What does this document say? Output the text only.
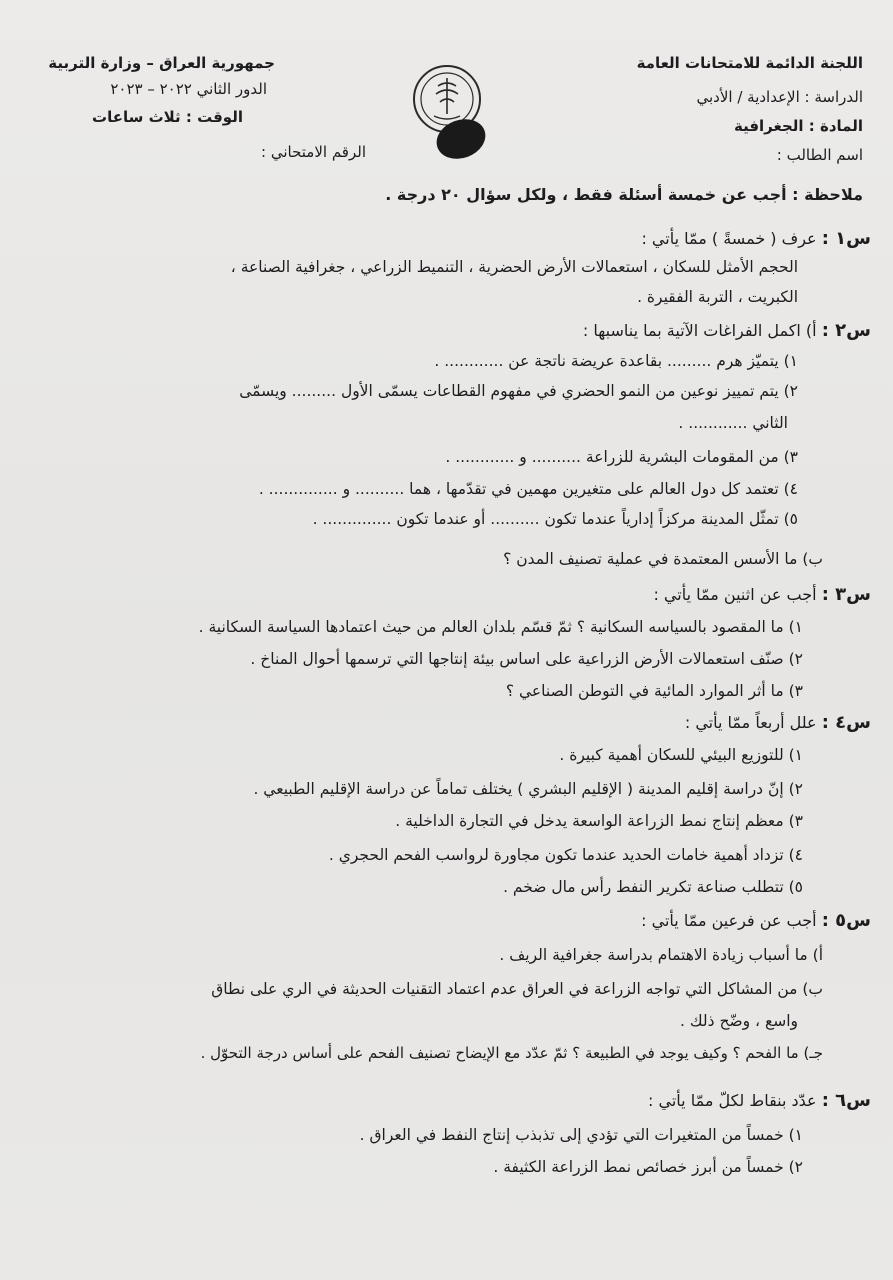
اللجنة الدائمة للامتحانات العامة
الدراسة : الإعدادية / الأدبي
المادة : الجغرافية
اسم الطالب :
جمهورية العراق – وزارة التربية
الدور الثاني ٢٠٢٢ – ٢٠٢٣
الوقت : ثلاث ساعات
الرقم الامتحاني :
ملاحظة : أجب عن خمسة أسئلة فقط ، ولكل سؤال ٢٠ درجة .
س١ : عرف ( خمسةً ) ممّا يأتي :
الحجم الأمثل للسكان ، استعمالات الأرض الحضرية ، التنميط الزراعي ، جغرافية الصناعة ،
الكبريت ، التربة الفقيرة .
س٢ : أ) اكمل الفراغات الآتية بما يناسبها :
١) يتميّز هرم ......... بقاعدة عريضة ناتجة عن ............ .
٢) يتم تمييز نوعين من النمو الحضري في مفهوم القطاعات يسمّى الأول ......... ويسمّى
الثاني ............ .
٣) من المقومات البشرية للزراعة .......... و ............ .
٤) تعتمد كل دول العالم على متغيرين مهمين في تقدّمها ، هما .......... و .............. .
٥) تمثّل المدينة مركزاً إدارياً عندما تكون .......... أو عندما تكون .............. .
ب) ما الأسس المعتمدة في عملية تصنيف المدن ؟
س٣ : أجب عن اثنين ممّا يأتي :
١) ما المقصود بالسياسه السكانية ؟ ثمّ قسّم بلدان العالم من حيث اعتمادها السياسة السكانية .
٢) صنّف استعمالات الأرض الزراعية على اساس بيئة إنتاجها التي ترسمها أحوال المناخ .
٣) ما أثر الموارد المائية في التوطن الصناعي ؟
س٤ : علل أربعاً ممّا يأتي :
١) للتوزيع البيئي للسكان أهمية كبيرة .
٢) إنّ دراسة إقليم المدينة ( الإقليم البشري ) يختلف تماماً عن دراسة الإقليم الطبيعي .
٣) معظم إنتاج نمط الزراعة الواسعة يدخل في التجارة الداخلية .
٤) تزداد أهمية خامات الحديد عندما تكون مجاورة لرواسب الفحم الحجري .
٥) تتطلب صناعة تكرير النفط رأس مال ضخم .
س٥ : أجب عن فرعين ممّا يأتي :
أ) ما أسباب زيادة الاهتمام بدراسة جغرافية الريف .
ب) من المشاكل التي تواجه الزراعة في العراق عدم اعتماد التقنيات الحديثة في الري على نطاق
واسع ، وضّح ذلك .
جـ) ما الفحم ؟ وكيف يوجد في الطبيعة ؟ ثمّ عدّد مع الإيضاح تصنيف الفحم على أساس درجة التحوّل .
س٦ : عدّد بنقاط لكلّ ممّا يأتي :
١) خمساً من المتغيرات التي تؤدي إلى تذبذب إنتاج النفط في العراق .
٢) خمساً من أبرز خصائص نمط الزراعة الكثيفة .
